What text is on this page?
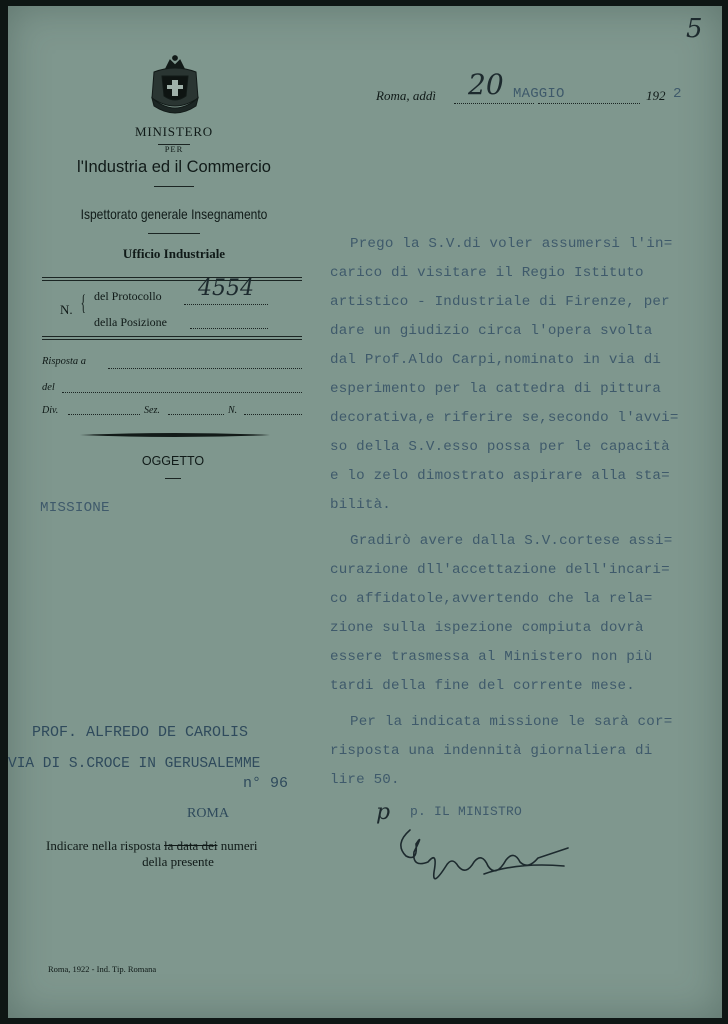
5
MINISTERO
PER
l'Industria ed il Commercio
Ispettorato generale Insegnamento
Ufficio Industriale
N. { del Protocollo 4554
della Posizione
Risposta a
del
Div.	Sez.	N.
OGGETTO
MISSIONE
Roma, addì 20 MAGGIO	192 2
Prego la S.V.di voler assumersi l'in=
carico di visitare il Regio Istituto
artistico - Industriale di Firenze, per
dare un giudizio circa l'opera svolta
dal Prof.Aldo Carpi,nominato in via di
esperimento per la cattedra di pittura
decorativa,e riferire se,secondo l'avvi=
so della S.V.esso possa per le capacità
e lo zelo dimostrato aspirare alla sta=
bilità.
Gradirò avere dalla S.V.cortese assi=
curazione dll'accettazione dell'incari=
co affidatole,avvertendo che la rela=
zione sulla ispezione compiuta dovrà
essere trasmessa al Ministero non più
tardi della fine del corrente mese.
Per la indicata missione le sarà cor=
risposta una indennità giornaliera di
lire 50.
PROF. ALFREDO DE CAROLIS
VIA DI S.CROCE IN GERUSALEMME
n° 96
ROMA
Indicare nella risposta la data dei numeri
della presente
p. IL MINISTRO
p
Roma, 1922 - Ind. Tip. Romana
